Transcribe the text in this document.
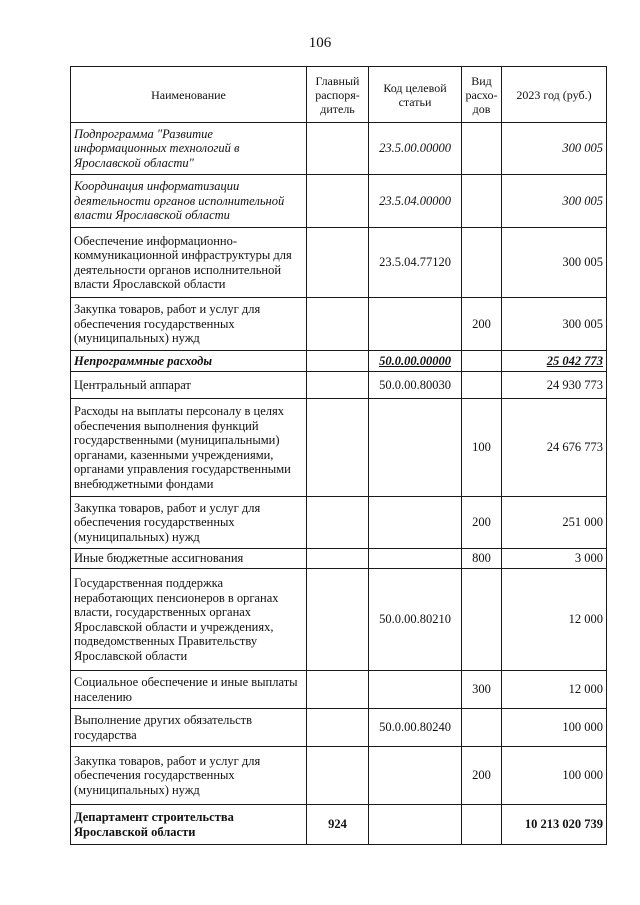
106
Наименование	Главный распоря-дитель	Код целевой статьи	Вид расхо-дов	2023 год (руб.)
Подпрограмма "Развитие информационных технологий в Ярославской области"		23.5.00.00000		300 005
Координация информатизации деятельности органов исполнительной власти Ярославской области		23.5.04.00000		300 005
Обеспечение информационно-коммуникационной инфраструктуры для деятельности органов исполнительной власти Ярославской области		23.5.04.77120		300 005
Закупка товаров, работ и услуг для обеспечения государственных (муниципальных) нужд			200	300 005
Непрограммные расходы		50.0.00.00000		25 042 773
Центральный аппарат		50.0.00.80030		24 930 773
Расходы на выплаты персоналу в целях обеспечения выполнения функций государственными (муниципальными) органами, казенными учреждениями, органами управления государственными внебюджетными фондами			100	24 676 773
Закупка товаров, работ и услуг для обеспечения государственных (муниципальных) нужд			200	251 000
Иные бюджетные ассигнования			800	3 000
Государственная поддержка неработающих пенсионеров в органах власти, государственных органах Ярославской области и учреждениях, подведомственных Правительству Ярославской области		50.0.00.80210		12 000
Социальное обеспечение и иные выплаты населению			300	12 000
Выполнение других обязательств государства		50.0.00.80240		100 000
Закупка товаров, работ и услуг для обеспечения государственных (муниципальных) нужд			200	100 000
Департамент строительства Ярославской области	924			10 213 020 739
